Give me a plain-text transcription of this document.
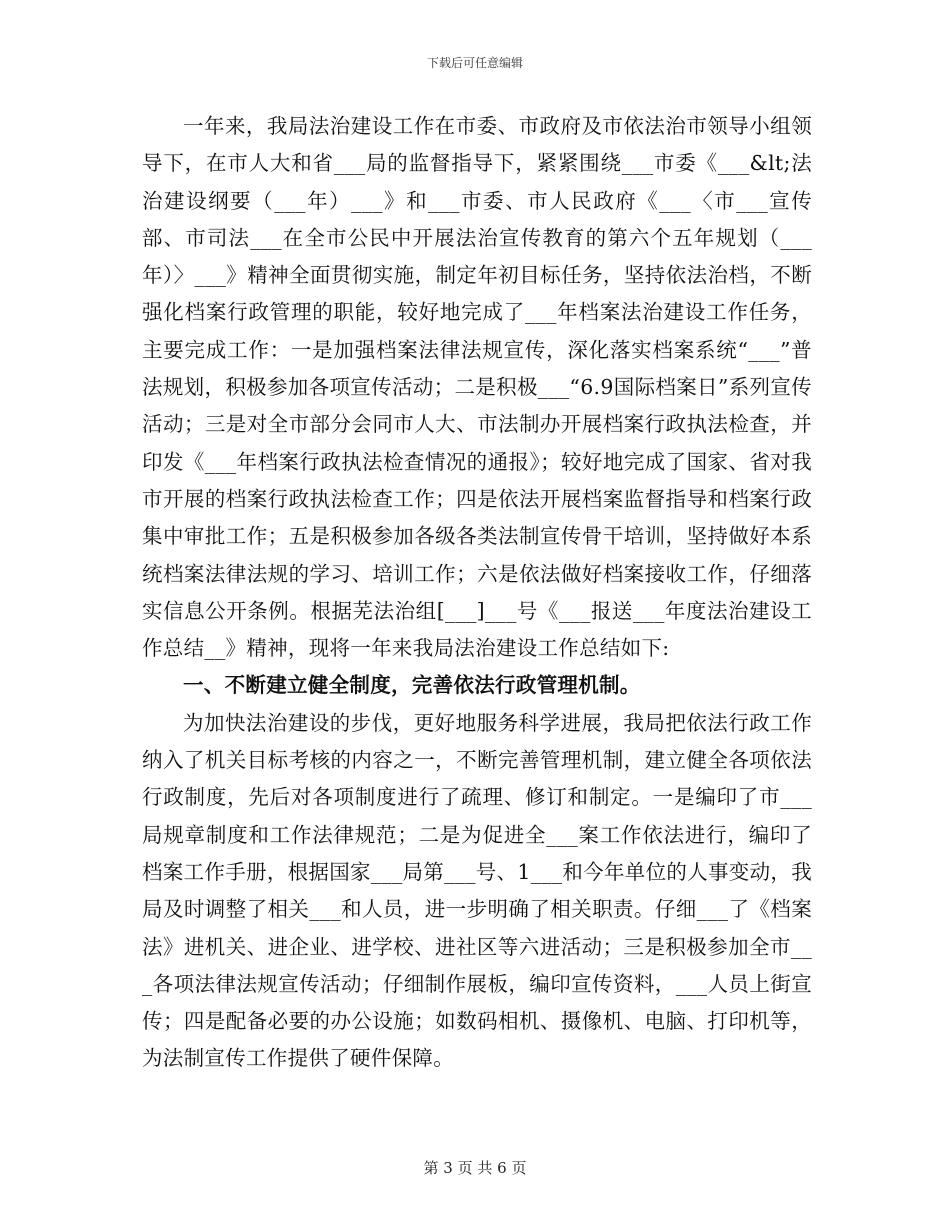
下载后可任意编辑

一年来，我局法治建设工作在市委、市政府及市依法治市领导小组领导下，在市人大和省___局的监督指导下，紧紧围绕___市委《___&lt;法治建设纲要（___年）___》和___市委、市人民政府《___〈市___宣传部、市司法___在全市公民中开展法治宣传教育的第六个五年规划（___年）〉___》精神全面贯彻实施，制定年初目标任务，坚持依法治档，不断强化档案行政管理的职能，较好地完成了___年档案法治建设工作任务，主要完成工作：一是加强档案法律法规宣传，深化落实档案系统“___”普法规划，积极参加各项宣传活动；二是积极___“6.9国际档案日”系列宣传活动；三是对全市部分会同市人大、市法制办开展档案行政执法检查，并印发《___年档案行政执法检查情况的通报》；较好地完成了国家、省对我市开展的档案行政执法检查工作；四是依法开展档案监督指导和档案行政集中审批工作；五是积极参加各级各类法制宣传骨干培训，坚持做好本系统档案法律法规的学习、培训工作；六是依法做好档案接收工作，仔细落实信息公开条例。根据芜法治组[___]___号《___报送___年度法治建设工作总结__》精神，现将一年来我局法治建设工作总结如下:

一、不断建立健全制度，完善依法行政管理机制。

为加快法治建设的步伐，更好地服务科学进展，我局把依法行政工作纳入了机关目标考核的内容之一，不断完善管理机制，建立健全各项依法行政制度，先后对各项制度进行了疏理、修订和制定。一是编印了市___局规章制度和工作法律规范；二是为促进全___案工作依法进行，编印了档案工作手册，根据国家___局第___号、1___和今年单位的人事变动，我局及时调整了相关___和人员，进一步明确了相关职责。仔细___了《档案法》进机关、进企业、进学校、进社区等六进活动；三是积极参加全市___各项法律法规宣传活动；仔细制作展板，编印宣传资料，___人员上街宣传；四是配备必要的办公设施；如数码相机、摄像机、电脑、打印机等，为法制宣传工作提供了硬件保障。

第 3 页 共 6 页
